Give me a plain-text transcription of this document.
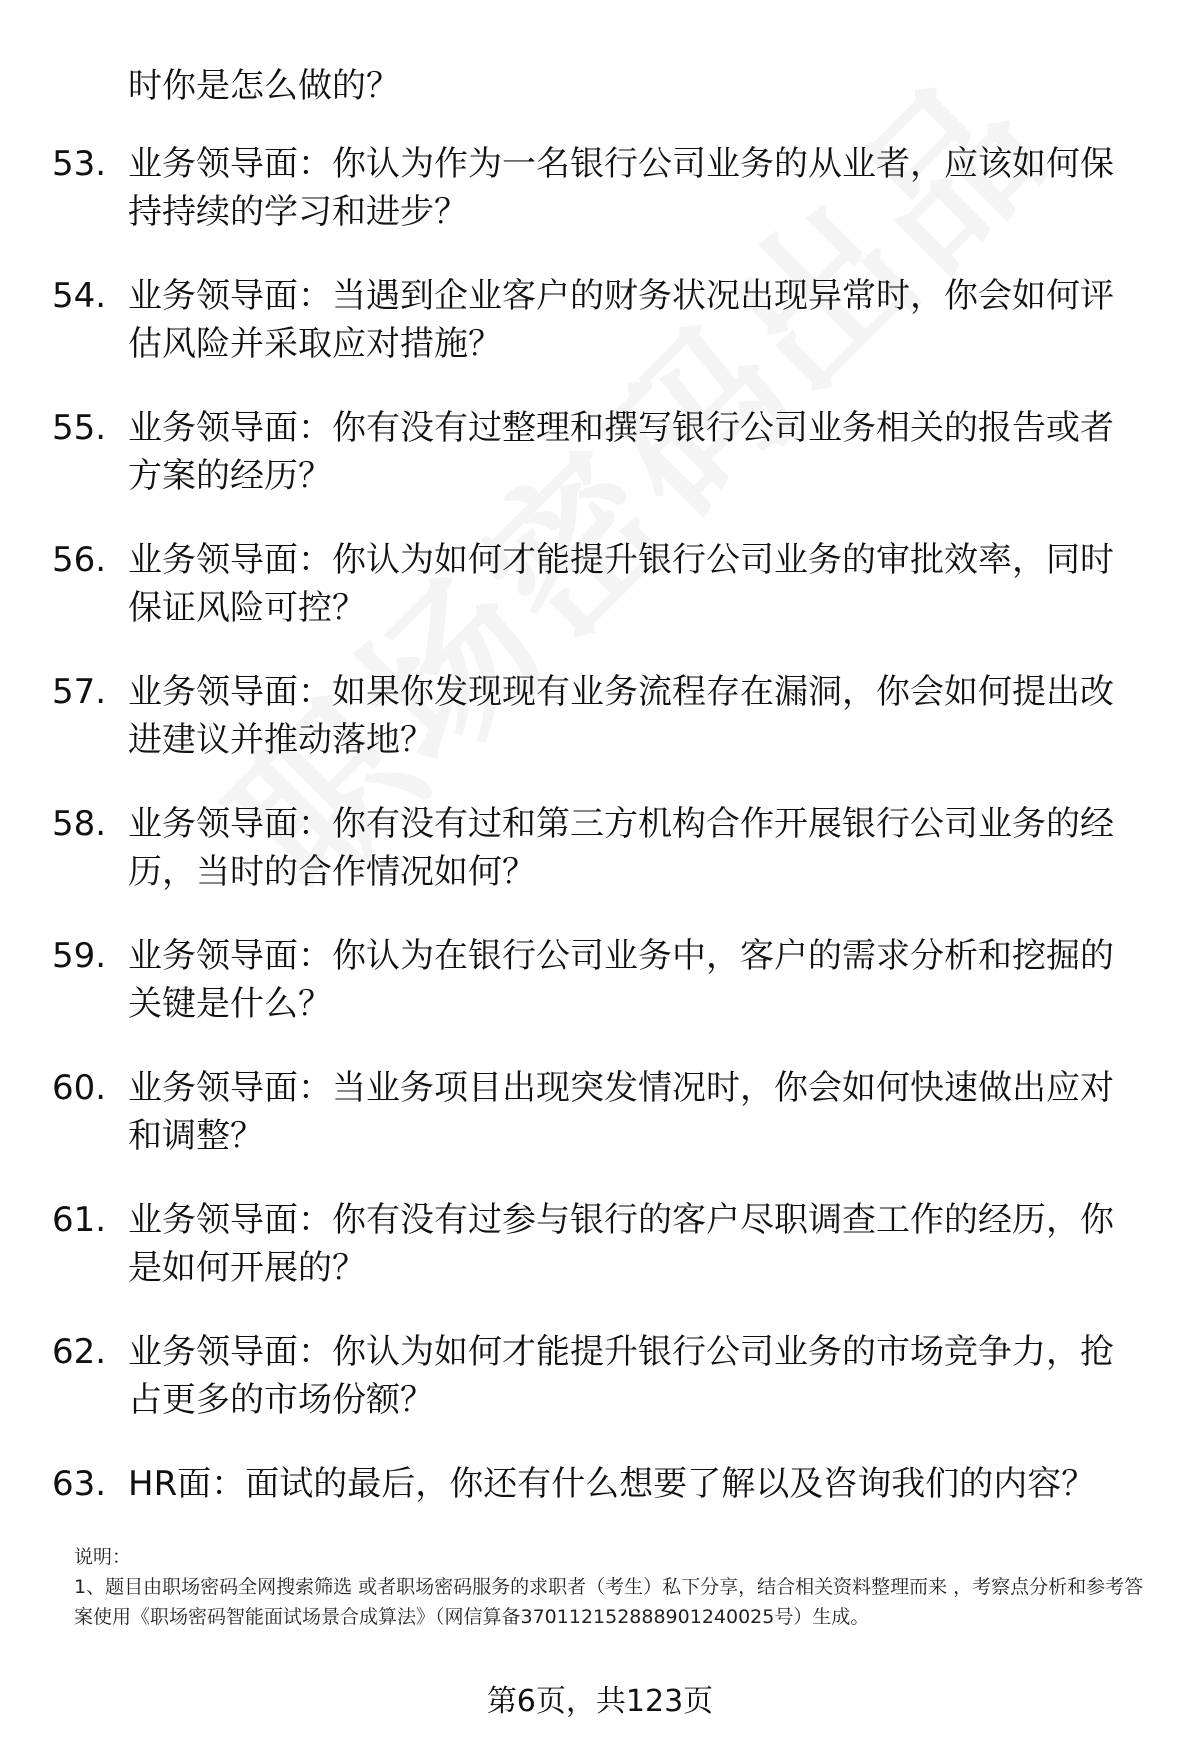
时你是怎么做的？
53. 业务领导面：你认为作为一名银行公司业务的从业者，应该如何保持持续的学习和进步？
54. 业务领导面：当遇到企业客户的财务状况出现异常时，你会如何评估风险并采取应对措施？
55. 业务领导面：你有没有过整理和撰写银行公司业务相关的报告或者方案的经历？
56. 业务领导面：你认为如何才能提升银行公司业务的审批效率，同时保证风险可控？
57. 业务领导面：如果你发现现有业务流程存在漏洞，你会如何提出改进建议并推动落地？
58. 业务领导面：你有没有过和第三方机构合作开展银行公司业务的经历，当时的合作情况如何？
59. 业务领导面：你认为在银行公司业务中，客户的需求分析和挖掘的关键是什么？
60. 业务领导面：当业务项目出现突发情况时，你会如何快速做出应对和调整？
61. 业务领导面：你有没有过参与银行的客户尽职调查工作的经历，你是如何开展的？
62. 业务领导面：你认为如何才能提升银行公司业务的市场竞争力，抢占更多的市场份额？
63. HR面：面试的最后，你还有什么想要了解以及咨询我们的内容？
说明：
1、题目由职场密码全网搜索筛选 或者职场密码服务的求职者（考生）私下分享，结合相关资料整理而来 ，考察点分析和参考答案使用《职场密码智能面试场景合成算法》（网信算备370112152888901240025号）生成。
第6页，共123页
